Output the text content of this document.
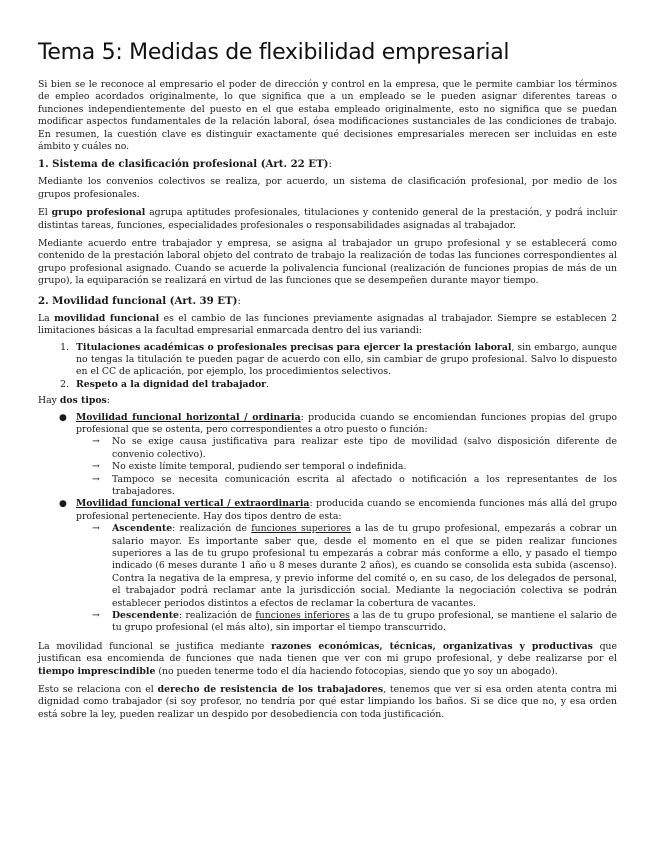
Tema 5: Medidas de flexibilidad empresarial

Si bien se le reconoce al empresario el poder de dirección y control en la empresa, que le permite cambiar los términos de empleo acordados originalmente, lo que significa que a un empleado se le pueden asignar diferentes tareas o funciones independientemente del puesto en el que estaba empleado originalmente, esto no significa que se puedan modificar aspectos fundamentales de la relación laboral, ósea modificaciones sustanciales de las condiciones de trabajo. En resumen, la cuestión clave es distinguir exactamente qué decisiones empresariales merecen ser incluidas en este ámbito y cuáles no.

1. Sistema de clasificación profesional (Art. 22 ET):

Mediante los convenios colectivos se realiza, por acuerdo, un sistema de clasificación profesional, por medio de los grupos profesionales.

El grupo profesional agrupa aptitudes profesionales, titulaciones y contenido general de la prestación, y podrá incluir distintas tareas, funciones, especialidades profesionales o responsabilidades asignadas al trabajador.

Mediante acuerdo entre trabajador y empresa, se asigna al trabajador un grupo profesional y se establecerá como contenido de la prestación laboral objeto del contrato de trabajo la realización de todas las funciones correspondientes al grupo profesional asignado. Cuando se acuerde la polivalencia funcional (realización de funciones propias de más de un grupo), la equiparación se realizará en virtud de las funciones que se desempeñen durante mayor tiempo.

2. Movilidad funcional (Art. 39 ET):

La movilidad funcional es el cambio de las funciones previamente asignadas al trabajador. Siempre se establecen 2 limitaciones básicas a la facultad empresarial enmarcada dentro del ius variandi:

1. Titulaciones académicas o profesionales precisas para ejercer la prestación laboral, sin embargo, aunque no tengas la titulación te pueden pagar de acuerdo con ello, sin cambiar de grupo profesional. Salvo lo dispuesto en el CC de aplicación, por ejemplo, los procedimientos selectivos.
2. Respeto a la dignidad del trabajador.

Hay dos tipos:

● Movilidad funcional horizontal / ordinaria: producida cuando se encomiendan funciones propias del grupo profesional que se ostenta, pero correspondientes a otro puesto o función:
→ No se exige causa justificativa para realizar este tipo de movilidad (salvo disposición diferente de convenio colectivo).
→ No existe límite temporal, pudiendo ser temporal o indefinida.
→ Tampoco se necesita comunicación escrita al afectado o notificación a los representantes de los trabajadores.
● Movilidad funcional vertical / extraordinaria: producida cuando se encomienda funciones más allá del grupo profesional perteneciente. Hay dos tipos dentro de esta:
→ Ascendente: realización de funciones superiores a las de tu grupo profesional, empezarás a cobrar un salario mayor. Es importante saber que, desde el momento en el que se piden realizar funciones superiores a las de tu grupo profesional tu empezarás a cobrar más conforme a ello, y pasado el tiempo indicado (6 meses durante 1 año u 8 meses durante 2 años), es cuando se consolida esta subida (ascenso). Contra la negativa de la empresa, y previo informe del comité o, en su caso, de los delegados de personal, el trabajador podrá reclamar ante la jurisdicción social. Mediante la negociación colectiva se podrán establecer periodos distintos a efectos de reclamar la cobertura de vacantes.
→ Descendente: realización de funciones inferiores a las de tu grupo profesional, se mantiene el salario de tu grupo profesional (el más alto), sin importar el tiempo transcurrido.

La movilidad funcional se justifica mediante razones económicas, técnicas, organizativas y productivas que justifican esa encomienda de funciones que nada tienen que ver con mi grupo profesional, y debe realizarse por el tiempo imprescindible (no pueden tenerme todo el día haciendo fotocopias, siendo que yo soy un abogado).

Esto se relaciona con el derecho de resistencia de los trabajadores, tenemos que ver si esa orden atenta contra mi dignidad como trabajador (si soy profesor, no tendría por qué estar limpiando los baños. Si se dice que no, y esa orden está sobre la ley, pueden realizar un despido por desobediencia con toda justificación.
